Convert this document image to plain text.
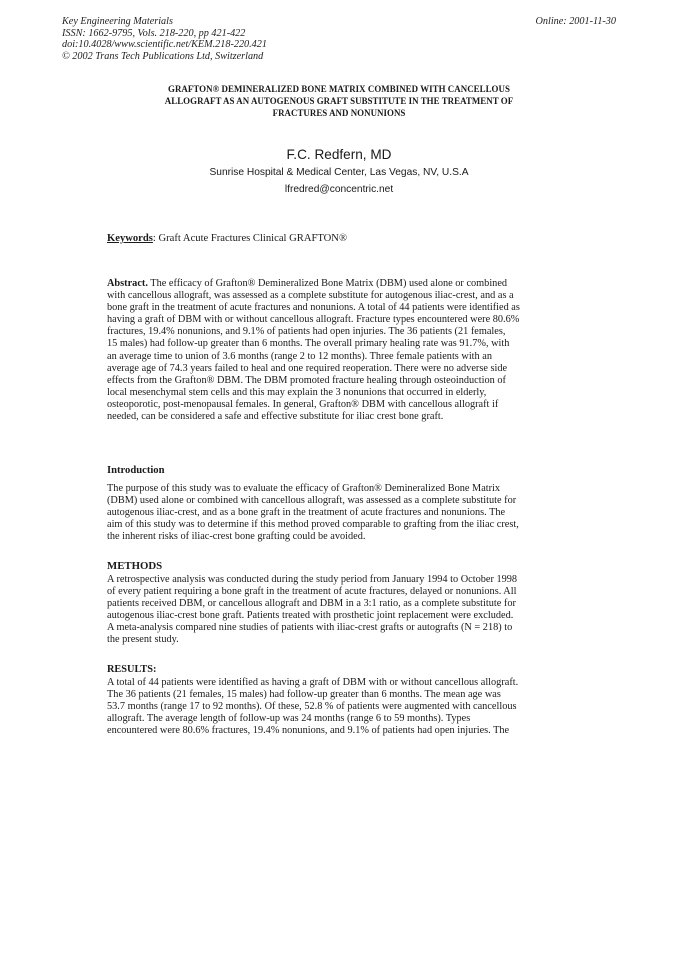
Key Engineering Materials
ISSN: 1662-9795, Vols. 218-220, pp 421-422
doi:10.4028/www.scientific.net/KEM.218-220.421
© 2002 Trans Tech Publications Ltd, Switzerland
Online: 2001-11-30
GRAFTON® DEMINERALIZED BONE MATRIX COMBINED WITH CANCELLOUS
ALLOGRAFT AS AN AUTOGENOUS GRAFT SUBSTITUTE IN THE TREATMENT OF
FRACTURES AND NONUNIONS
F.C. Redfern, MD
Sunrise Hospital & Medical Center, Las Vegas, NV, U.S.A
lfredred@concentric.net
Keywords: Graft Acute Fractures Clinical GRAFTON®
Abstract. The efficacy of Grafton® Demineralized Bone Matrix (DBM) used alone or combined
with cancellous allograft, was assessed as a complete substitute for autogenous iliac-crest, and as a
bone graft in the treatment of acute fractures and nonunions. A total of 44 patients were identified as
having a graft of DBM with or without cancellous allograft. Fracture types encountered were 80.6%
fractures, 19.4% nonunions, and 9.1% of patients had open injuries. The 36 patients (21 females,
15 males) had follow-up greater than 6 months. The overall primary healing rate was 91.7%, with
an average time to union of 3.6 months (range 2 to 12 months). Three female patients with an
average age of 74.3 years failed to heal and one required reoperation. There were no adverse side
effects from the Grafton® DBM. The DBM promoted fracture healing through osteoinduction of
local mesenchymal stem cells and this may explain the 3 nonunions that occurred in elderly,
osteoporotic, post-menopausal females. In general, Grafton® DBM with cancellous allograft if
needed, can be considered a safe and effective substitute for iliac crest bone graft.
Introduction
The purpose of this study was to evaluate the efficacy of Grafton® Demineralized Bone Matrix
(DBM) used alone or combined with cancellous allograft, was assessed as a complete substitute for
autogenous iliac-crest, and as a bone graft in the treatment of acute fractures and nonunions. The
aim of this study was to determine if this method proved comparable to grafting from the iliac crest,
the inherent risks of iliac-crest bone grafting could be avoided.
METHODS
A retrospective analysis was conducted during the study period from January 1994 to October 1998
of every patient requiring a bone graft in the treatment of acute fractures, delayed or nonunions. All
patients received DBM, or cancellous allograft and DBM in a 3:1 ratio, as a complete substitute for
autogenous iliac-crest bone graft. Patients treated with prosthetic joint replacement were excluded.
A meta-analysis compared nine studies of patients with iliac-crest grafts or autografts (N = 218) to
the present study.
RESULTS:
A total of 44 patients were identified as having a graft of DBM with or without cancellous allograft.
The 36 patients (21 females, 15 males) had follow-up greater than 6 months. The mean age was
53.7 months (range 17 to 92 months). Of these, 52.8 % of patients were augmented with cancellous
allograft. The average length of follow-up was 24 months (range 6 to 59 months). Types
encountered were 80.6% fractures, 19.4% nonunions, and 9.1% of patients had open injuries. The
